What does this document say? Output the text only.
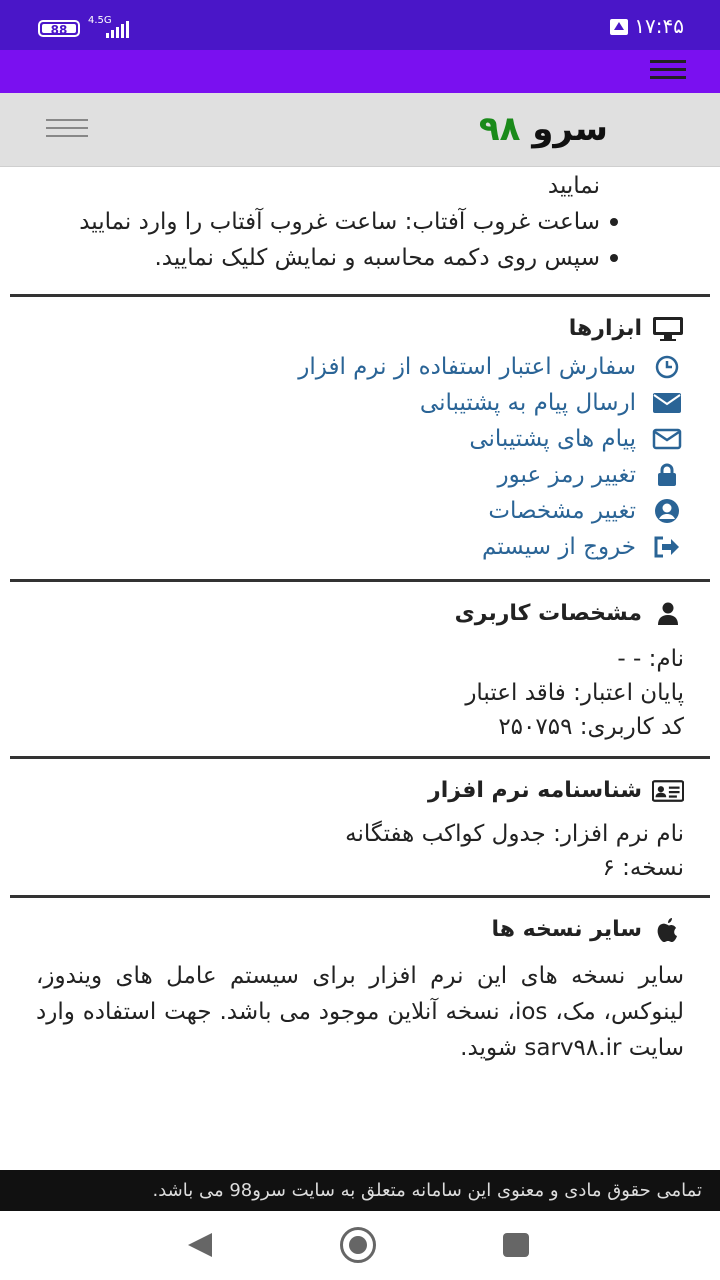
88
4.5G	۱۷:۴۵
سرو ۹۸
نمایید
ساعت غروب آفتاب: ساعت غروب آفتاب را وارد نمایید
سپس روی دکمه محاسبه و نمایش کلیک نمایید.
ابزارها
سفارش اعتبار استفاده از نرم افزار
ارسال پیام به پشتیبانی
پیام های پشتیبانی
تغییر رمز عبور
تغییر مشخصات
خروج از سیستم
مشخصات کاربری
نام: - -
پایان اعتبار: فاقد اعتبار
کد کاربری: ۲۵۰۷۵۹
شناسنامه نرم افزار
نام نرم افزار: جدول کواکب هفتگانه
نسخه: ۶
سایر نسخه ها
سایر نسخه های این نرم افزار برای سیستم عامل های ویندوز، لینوکس، مک، ios، نسخه آنلاین موجود می باشد. جهت استفاده وارد سایت sarv۹۸.ir شوید.
تمامی حقوق مادی و معنوی این سامانه متعلق به سایت سرو98 می باشد.
